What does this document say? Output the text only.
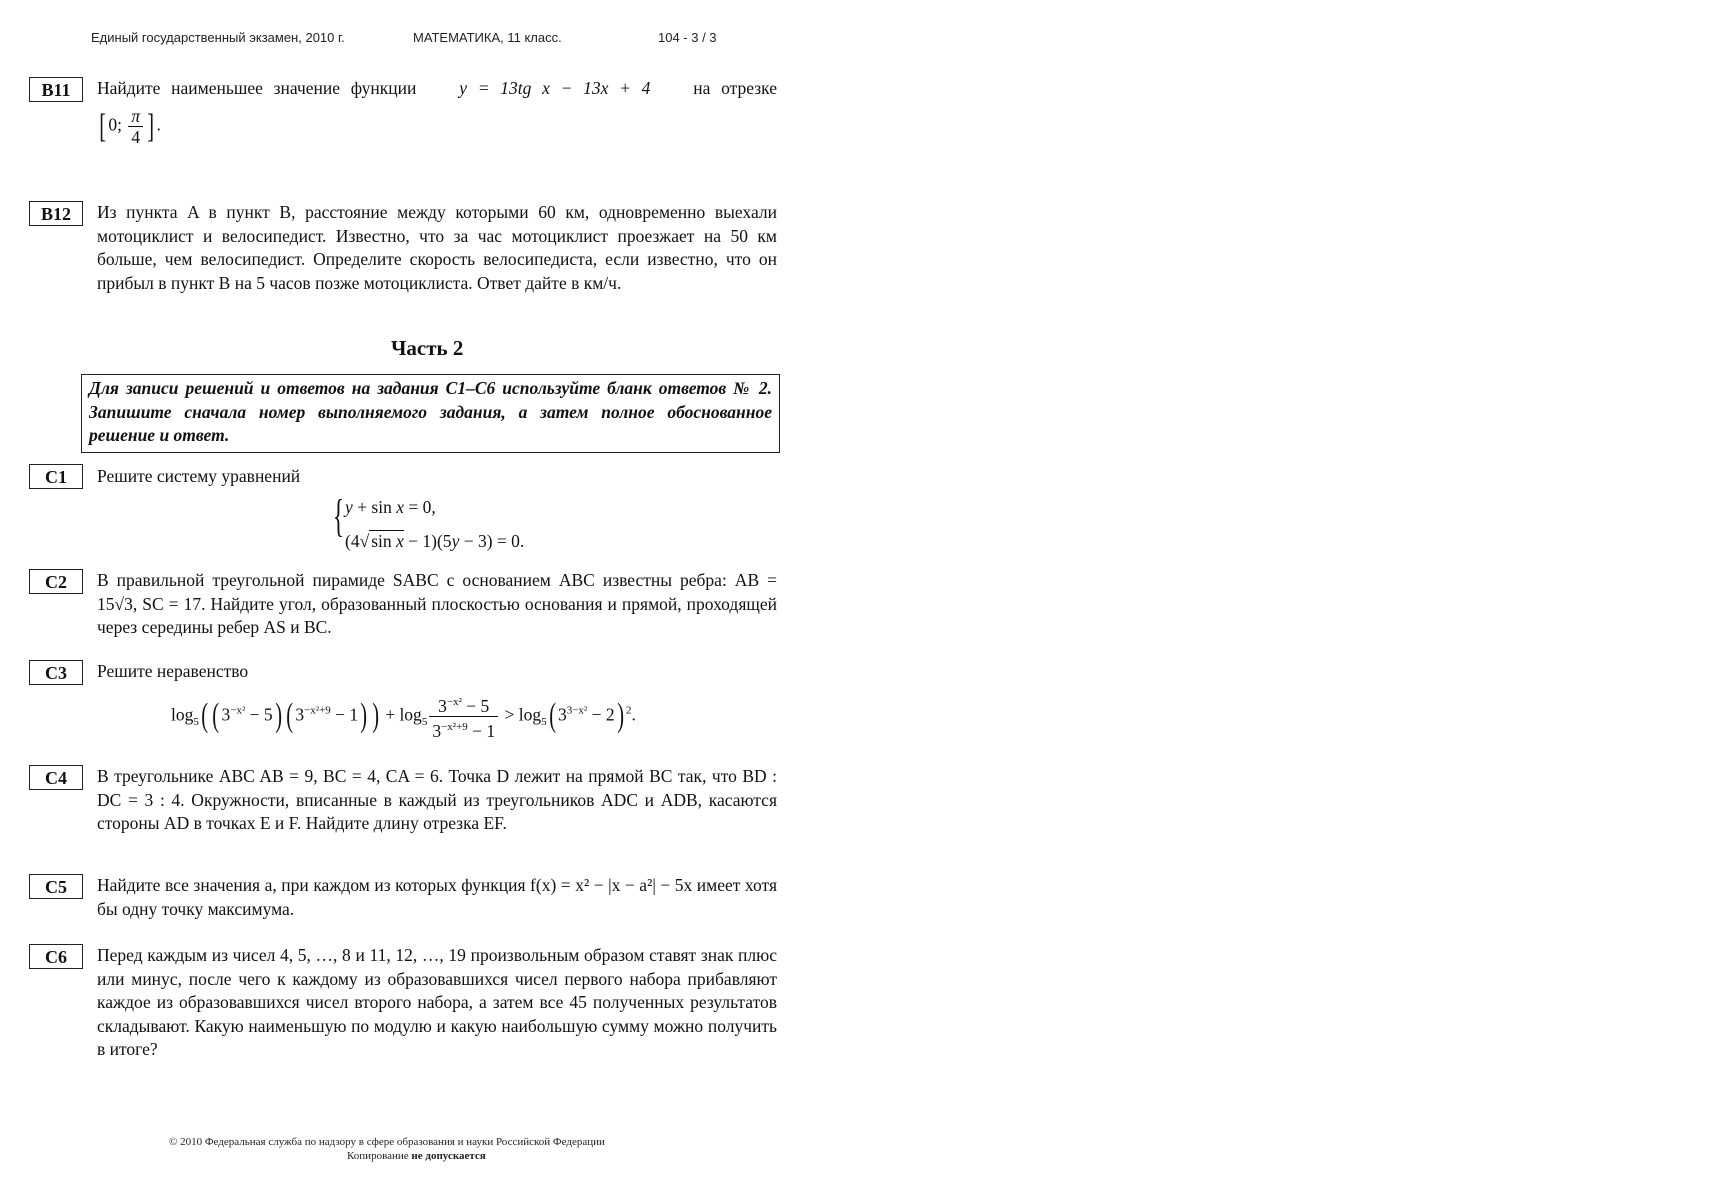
Единый государственный экзамен, 2010 г.	МАТЕМАТИКА, 11 класс.	104 - 3 / 3
B11	Найдите наименьшее значение функции y = 13tg x − 13x + 4 на отрезке
[ 0; $\frac{\pi}{4}$ ] .
B12	Из пункта A в пункт B, расстояние между которыми 60 км, одновременно выехали мотоциклист и велосипедист. Известно, что за час мотоциклист проезжает на 50 км больше, чем велосипедист. Определите скорость велосипедиста, если известно, что он прибыл в пункт B на 5 часов позже мотоциклиста. Ответ дайте в км/ч.
Часть 2
Для записи решений и ответов на задания C1–C6 используйте бланк ответов № 2. Запишите сначала номер выполняемого задания, а затем полное обоснованное решение и ответ.
C1	Решите систему уравнений
{ y + sin x = 0,
(4√ sin x − 1)(5y − 3) = 0.
C2	В правильной треугольной пирамиде SABC с основанием ABC известны ребра: AB = 15√3, SC = 17. Найдите угол, образованный плоскостью основания и прямой, проходящей через середины ребер AS и BC.
C3	Решите неравенство
$\log_5$( ( $3^{-x^2} - 5$) ( $3^{-x^2+9} - 1$) ) + $\log_5 \frac{3^{-x^2} - 5}{3^{-x^2+9} - 1} > \log_5$( $3^{3-x^2} - 2$) $^2$.
C4	В треугольнике ABC AB = 9, BC = 4, CA = 6. Точка D лежит на прямой BC так, что BD : DC = 3 : 4. Окружности, вписанные в каждый из треугольников ADC и ADB, касаются стороны AD в точках E и F. Найдите длину отрезка EF.
C5	Найдите все значения a, при каждом из которых функция f(x) = x² − |x − a²| − 5x имеет хотя бы одну точку максимума.
C6	Перед каждым из чисел 4, 5, …, 8 и 11, 12, …, 19 произвольным образом ставят знак плюс или минус, после чего к каждому из образовавшихся чисел первого набора прибавляют каждое из образовавшихся чисел второго набора, а затем все 45 полученных результатов складывают. Какую наименьшую по модулю и какую наибольшую сумму можно получить в итоге?
© 2010 Федеральная служба по надзору в сфере образования и науки Российской Федерации
Копирование не допускается
